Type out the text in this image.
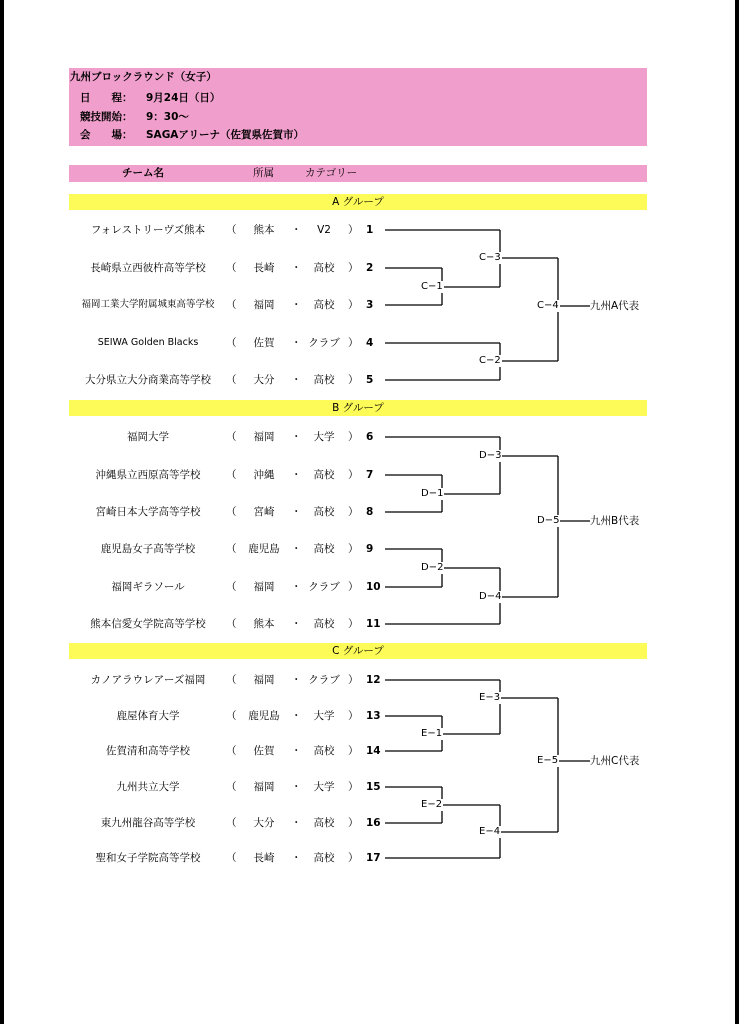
九州ブロックラウンド（女子）
日　　程： 9月24日（日）
競技開始： 9：30～
会　　場： SAGAアリーナ（佐賀県佐賀市）
チーム名	所属	カテゴリー
A グループ
B グループ
C グループ
フォレストリーヴズ熊本	（	熊本	・	V2	） 1
長崎県立西彼杵高等学校	（	長崎	・	高校	） 2
福岡工業大学附属城東高等学校	（	福岡	・	高校	） 3
SEIWA Golden Blacks	（	佐賀	・ クラブ ） 4
大分県立大分商業高等学校	（	大分	・	高校	） 5
福岡大学	（	福岡	・	大学	） 6
沖縄県立西原高等学校	（	沖縄	・	高校	） 7
宮崎日本大学高等学校	（	宮崎	・	高校	） 8
鹿児島女子高等学校	（	鹿児島	・	高校	） 9
福岡ギラソール	（	福岡	・ クラブ ） 10
熊本信愛女学院高等学校	（	熊本	・	高校	） 11
カノアラウレアーズ福岡	（	福岡	・ クラブ ） 12
鹿屋体育大学	（	鹿児島	・	大学	） 13
佐賀清和高等学校	（	佐賀	・	高校	） 14
九州共立大学	（	福岡	・	大学	） 15
東九州龍谷高等学校	（	大分	・	高校	） 16
聖和女子学院高等学校	（	長崎	・	高校	） 17
C−1
C−2
C−3
C−4
D−1
D−2
D−3
D−4
D−5
E−1
E−2
E−3
E−4
E−5
九州A代表
九州B代表
九州C代表
